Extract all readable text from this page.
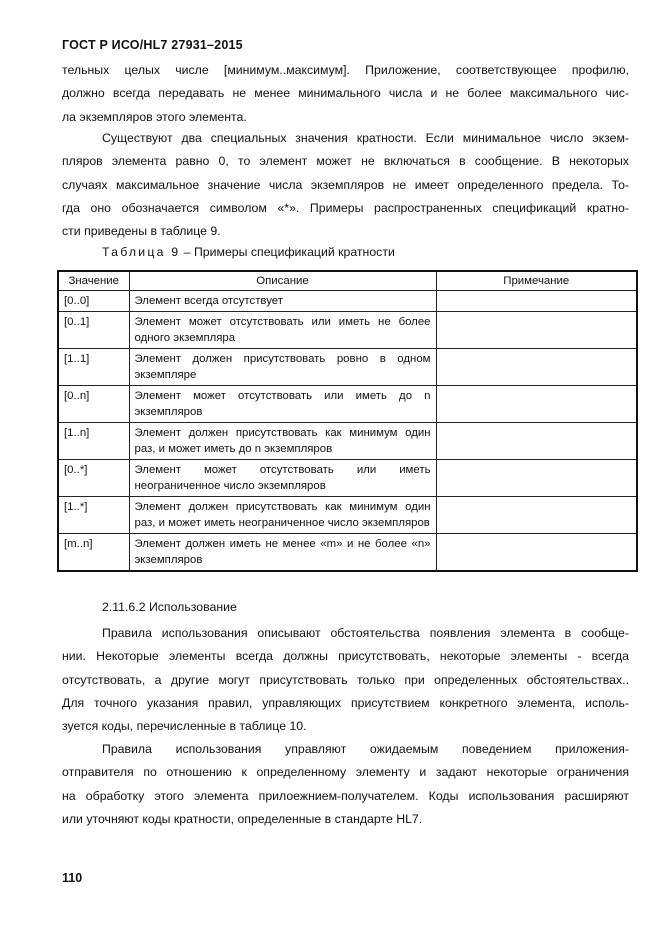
ГОСТ Р ИСО/HL7 27931–2015
тельных целых числе [минимум..максимум]. Приложение, соответствующее профилю,
должно всегда передавать не менее минимального числа и не более максимального чис-
ла экземпляров этого элемента.
Существуют два специальных значения кратности. Если минимальное число экзем-
пляров элемента равно 0, то элемент может не включаться в сообщение. В некоторых
случаях максимальное значение числа экземпляров не имеет определенного предела. То-
гда оно обозначается символом «*». Примеры распространенных спецификаций кратно-
сти приведены в таблице 9.
Таблица 9 – Примеры спецификаций кратности
Значение	Описание	Примечание
[0..0]	Элемент всегда отсутствует	
[0..1]	Элемент может отсутствовать или иметь не более одного экземпляра	
[1..1]	Элемент должен присутствовать ровно в одном экземпляре	
[0..n]	Элемент может отсутствовать или иметь до n экземпляров	
[1..n]	Элемент должен присутствовать как минимум один раз, и может иметь до n экземпляров	
[0..*]	Элемент может отсутствовать или иметь неограниченное число экземпляров	
[1..*]	Элемент должен присутствовать как минимум один раз, и может иметь неограниченное число экземпляров	
[m..n]	Элемент должен иметь не менее «m» и не более «n» экземпляров	
2.11.6.2 Использование
Правила использования описывают обстоятельства появления элемента в сообще-
нии. Некоторые элементы всегда должны присутствовать, некоторые элементы - всегда
отсутствовать, а другие могут присутствовать только при определенных обстоятельствах..
Для точного указания правил, управляющих присутствием конкретного элемента, исполь-
зуется коды, перечисленные в таблице 10.
Правила использования управляют ожидаемым поведением приложения-
отправителя по отношению к определенному элементу и задают некоторые ограничения
на обработку этого элемента прилоежнием-получателем. Коды использования расширяют
или уточняют коды кратности, определенные в стандарте HL7.
110
